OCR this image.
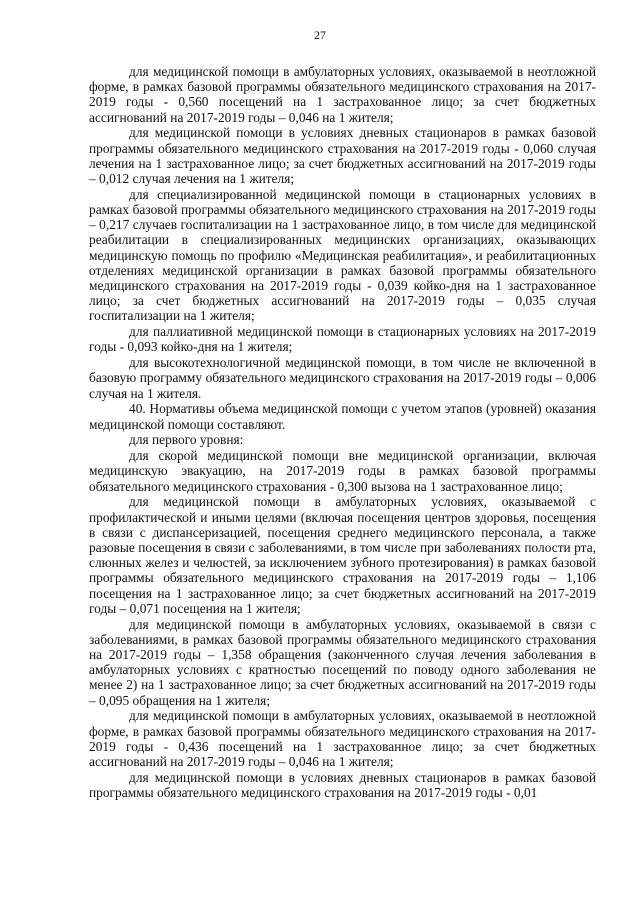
27

для медицинской помощи в амбулаторных условиях, оказываемой в неотложной форме, в рамках базовой программы обязательного медицинского страхования на 2017-2019 годы - 0,560 посещений на 1 застрахованное лицо; за счет бюджетных ассигнований на 2017-2019 годы – 0,046 на 1 жителя;

для медицинской помощи в условиях дневных стационаров в рамках базовой программы обязательного медицинского страхования на 2017-2019 годы - 0,060 случая лечения на 1 застрахованное лицо; за счет бюджетных ассигнований на 2017-2019 годы – 0,012 случая лечения на 1 жителя;

для специализированной медицинской помощи в стационарных условиях в рамках базовой программы обязательного медицинского страхования на 2017-2019 годы – 0,217 случаев госпитализации на 1 застрахованное лицо, в том числе для медицинской реабилитации в специализированных медицинских организациях, оказывающих медицинскую помощь по профилю «Медицинская реабилитация», и реабилитационных отделениях медицинской организации в рамках базовой программы обязательного медицинского страхования на 2017-2019 годы - 0,039 койко-дня на 1 застрахованное лицо; за счет бюджетных ассигнований на 2017-2019 годы – 0,035 случая госпитализации на 1 жителя;

для паллиативной медицинской помощи в стационарных условиях на 2017-2019 годы - 0,093 койко-дня на 1 жителя;

для высокотехнологичной медицинской помощи, в том числе не включенной в базовую программу обязательного медицинского страхования на 2017-2019 годы – 0,006 случая на 1 жителя.

40. Нормативы объема медицинской помощи с учетом этапов (уровней) оказания медицинской помощи составляют.

для первого уровня:

для скорой медицинской помощи вне медицинской организации, включая медицинскую эвакуацию, на 2017-2019 годы в рамках базовой программы обязательного медицинского страхования - 0,300 вызова на 1 застрахованное лицо;

для медицинской помощи в амбулаторных условиях, оказываемой с профилактической и иными целями (включая посещения центров здоровья, посещения в связи с диспансеризацией, посещения среднего медицинского персонала, а также разовые посещения в связи с заболеваниями, в том числе при заболеваниях полости рта, слюнных желез и челюстей, за исключением зубного протезирования) в рамках базовой программы обязательного медицинского страхования на 2017-2019 годы – 1,106 посещения на 1 застрахованное лицо; за счет бюджетных ассигнований на 2017-2019 годы – 0,071 посещения на 1 жителя;

для медицинской помощи в амбулаторных условиях, оказываемой в связи с заболеваниями, в рамках базовой программы обязательного медицинского страхования на 2017-2019 годы – 1,358 обращения (законченного случая лечения заболевания в амбулаторных условиях с кратностью посещений по поводу одного заболевания не менее 2) на 1 застрахованное лицо; за счет бюджетных ассигнований на 2017-2019 годы – 0,095 обращения на 1 жителя;

для медицинской помощи в амбулаторных условиях, оказываемой в неотложной форме, в рамках базовой программы обязательного медицинского страхования на 2017-2019 годы - 0,436 посещений на 1 застрахованное лицо; за счет бюджетных ассигнований на 2017-2019 годы – 0,046 на 1 жителя;

для медицинской помощи в условиях дневных стационаров в рамках базовой программы обязательного медицинского страхования на 2017-2019 годы - 0,01
